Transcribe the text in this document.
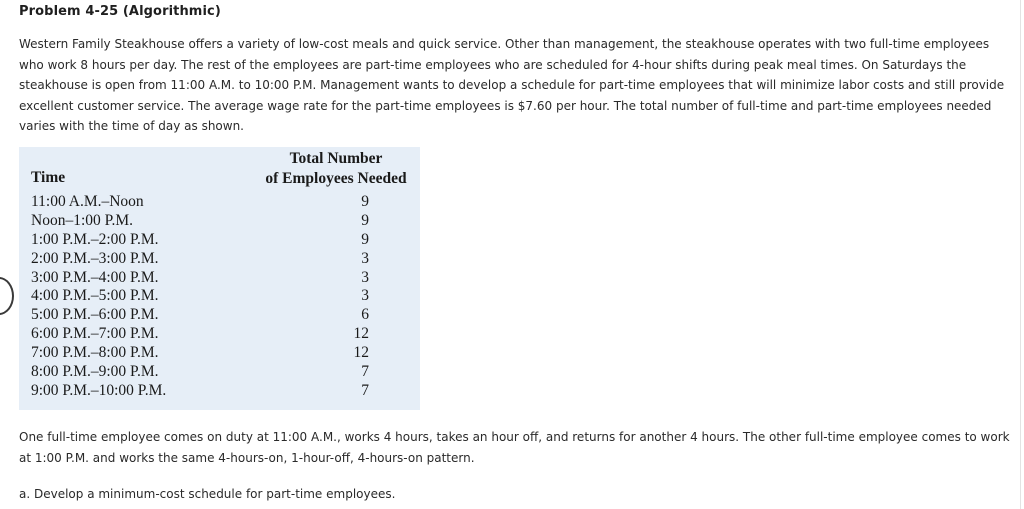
Problem 4-25 (Algorithmic)
Western Family Steakhouse offers a variety of low-cost meals and quick service. Other than management, the steakhouse operates with two full-time employees who work 8 hours per day. The rest of the employees are part-time employees who are scheduled for 4-hour shifts during peak meal times. On Saturdays the steakhouse is open from 11:00 A.M. to 10:00 P.M. Management wants to develop a schedule for part-time employees that will minimize labor costs and still provide excellent customer service. The average wage rate for the part-time employees is $7.60 per hour. The total number of full-time and part-time employees needed varies with the time of day as shown.
Time
Total Number
of Employees Needed
11:00 A.M.–Noon	9
Noon–1:00 P.M.	9
1:00 P.M.–2:00 P.M.	9
2:00 P.M.–3:00 P.M.	3
3:00 P.M.–4:00 P.M.	3
4:00 P.M.–5:00 P.M.	3
5:00 P.M.–6:00 P.M.	6
6:00 P.M.–7:00 P.M.	12
7:00 P.M.–8:00 P.M.	12
8:00 P.M.–9:00 P.M.	7
9:00 P.M.–10:00 P.M.	7
One full-time employee comes on duty at 11:00 A.M., works 4 hours, takes an hour off, and returns for another 4 hours. The other full-time employee comes to work at 1:00 P.M. and works the same 4-hours-on, 1-hour-off, 4-hours-on pattern.
a. Develop a minimum-cost schedule for part-time employees.
